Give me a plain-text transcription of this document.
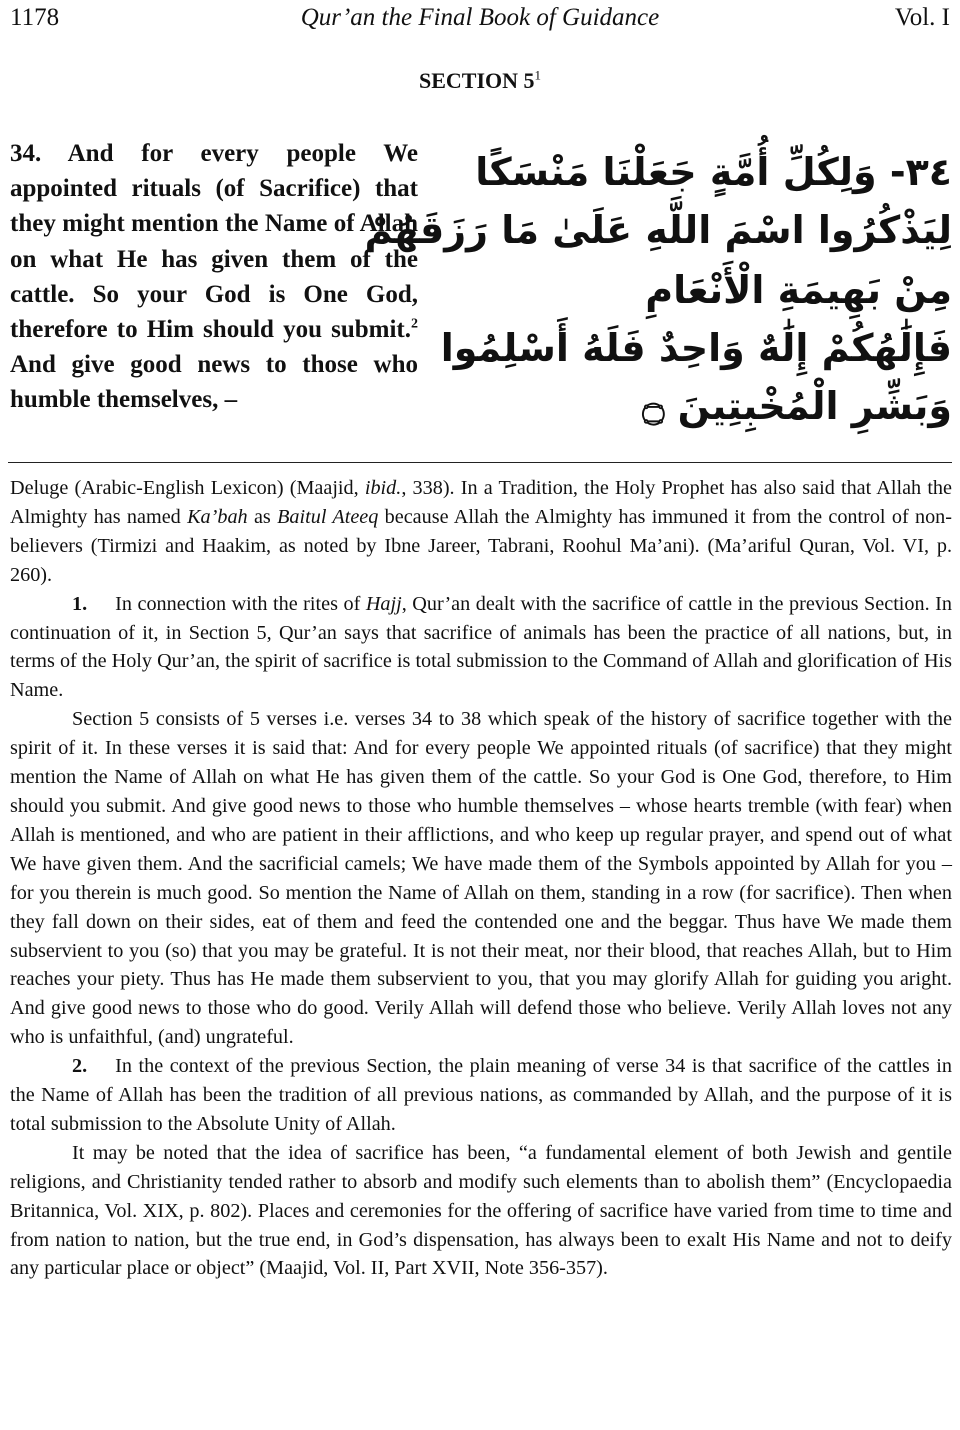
1178	Qur’an the Final Book of Guidance	Vol. I
SECTION $5^1$
34. And for every people We appointed rituals (of Sacrifice) that they might mention the Name of Allah on what He has given them of the cattle. So your God is One God, therefore to Him should you submit.$^2$ And give good news to those who humble themselves, –
٣٤‑ وَلِكُلِّ أُمَّةٍ جَعَلْنَا مَنْسَكًا
لِيَذْكُرُوا اسْمَ اللَّهِ عَلَىٰ مَا رَزَقَهُمْ
مِنْ بَهِيمَةِ الْأَنْعَامِ
فَإِلَٰهُكُمْ إِلَٰهٌ وَاحِدٌ فَلَهُ أَسْلِمُوا
وَبَشِّرِ الْمُخْبِتِينَ ۝

Deluge (Arabic-English Lexicon) (Maajid, ibid., 338). In a Tradition, the Holy Prophet has also said that Allah the Almighty has named Ka’bah as Baitul Ateeq because Allah the Almighty has immuned it from the control of non-believers (Tirmizi and Haakim, as noted by Ibne Jareer, Tabrani, Roohul Ma’ani). (Ma’ariful Quran, Vol. VI, p. 260).

1. In connection with the rites of Hajj, Qur’an dealt with the sacrifice of cattle in the previous Section. In continuation of it, in Section 5, Qur’an says that sacrifice of animals has been the practice of all nations, but, in terms of the Holy Qur’an, the spirit of sacrifice is total submission to the Command of Allah and glorification of His Name.

Section 5 consists of 5 verses i.e. verses 34 to 38 which speak of the history of sacrifice together with the spirit of it. In these verses it is said that: And for every people We appointed rituals (of sacrifice) that they might mention the Name of Allah on what He has given them of the cattle. So your God is One God, therefore, to Him should you submit. And give good news to those who humble themselves – whose hearts tremble (with fear) when Allah is mentioned, and who are patient in their afflictions, and who keep up regular prayer, and spend out of what We have given them. And the sacrificial camels; We have made them of the Symbols appointed by Allah for you – for you therein is much good. So mention the Name of Allah on them, standing in a row (for sacrifice). Then when they fall down on their sides, eat of them and feed the contended one and the beggar. Thus have We made them subservient to you (so) that you may be grateful. It is not their meat, nor their blood, that reaches Allah, but to Him reaches your piety. Thus has He made them subservient to you, that you may glorify Allah for guiding you aright. And give good news to those who do good. Verily Allah will defend those who believe. Verily Allah loves not any who is unfaithful, (and) ungrateful.

2. In the context of the previous Section, the plain meaning of verse 34 is that sacrifice of the cattles in the Name of Allah has been the tradition of all previous nations, as commanded by Allah, and the purpose of it is total submission to the Absolute Unity of Allah.

It may be noted that the idea of sacrifice has been, “a fundamental element of both Jewish and gentile religions, and Christianity tended rather to absorb and modify such elements than to abolish them” (Encyclopaedia Britannica, Vol. XIX, p. 802). Places and ceremonies for the offering of sacrifice have varied from time to time and from nation to nation, but the true end, in God’s dispensation, has always been to exalt His Name and not to deify any particular place or object” (Maajid, Vol. II, Part XVII, Note 356-357).
